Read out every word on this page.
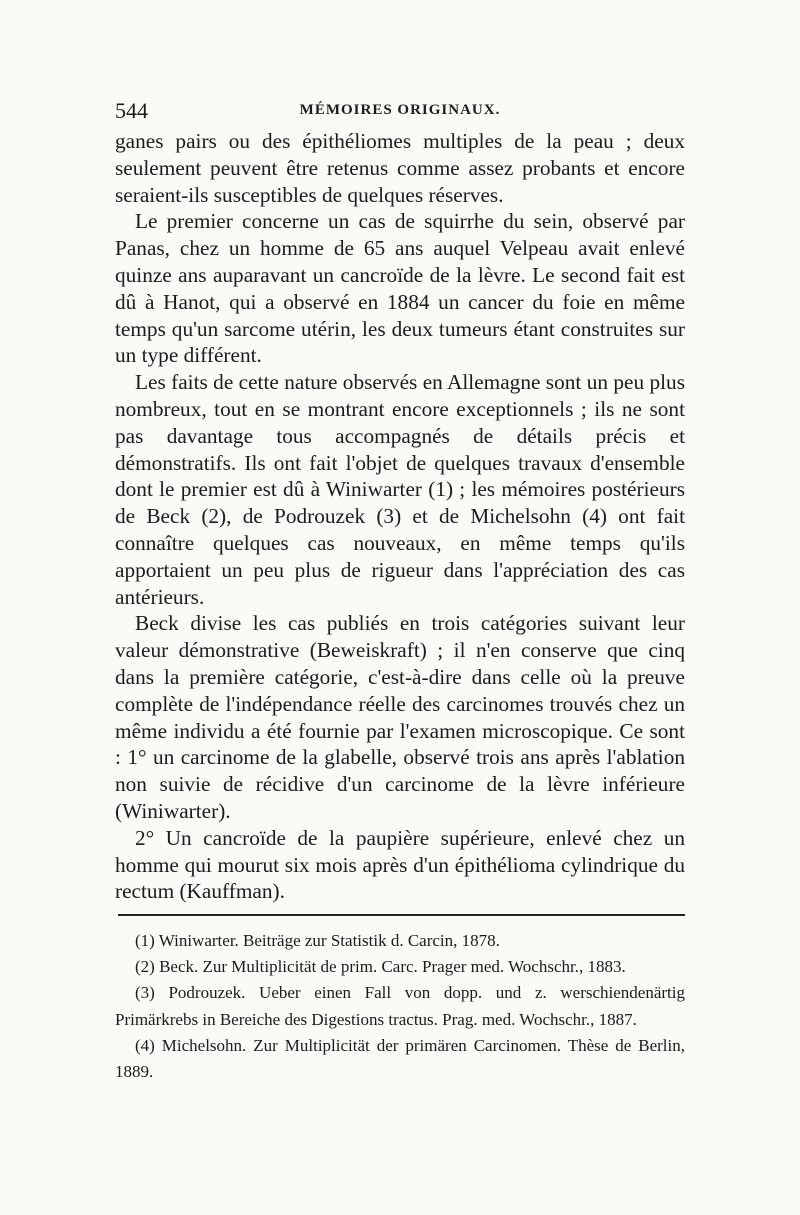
544	MÉMOIRES ORIGINAUX.

ganes pairs ou des épithéliomes multiples de la peau ; deux seulement peuvent être retenus comme assez probants et encore seraient-ils susceptibles de quelques réserves.

Le premier concerne un cas de squirrhe du sein, observé par Panas, chez un homme de 65 ans auquel Velpeau avait enlevé quinze ans auparavant un cancroïde de la lèvre. Le second fait est dû à Hanot, qui a observé en 1884 un cancer du foie en même temps qu'un sarcome utérin, les deux tumeurs étant construites sur un type différent.

Les faits de cette nature observés en Allemagne sont un peu plus nombreux, tout en se montrant encore exceptionnels ; ils ne sont pas davantage tous accompagnés de détails précis et démonstratifs. Ils ont fait l'objet de quelques travaux d'ensemble dont le premier est dû à Winiwarter (1) ; les mémoires postérieurs de Beck (2), de Podrouzek (3) et de Michelsohn (4) ont fait connaître quelques cas nouveaux, en même temps qu'ils apportaient un peu plus de rigueur dans l'appréciation des cas antérieurs.

Beck divise les cas publiés en trois catégories suivant leur valeur démonstrative (Beweiskraft) ; il n'en conserve que cinq dans la première catégorie, c'est-à-dire dans celle où la preuve complète de l'indépendance réelle des carcinomes trouvés chez un même individu a été fournie par l'examen microscopique. Ce sont : 1° un carcinome de la glabelle, observé trois ans après l'ablation non suivie de récidive d'un carcinome de la lèvre inférieure (Winiwarter).

2° Un cancroïde de la paupière supérieure, enlevé chez un homme qui mourut six mois après d'un épithélioma cylindrique du rectum (Kauffman).

(1) Winiwarter. Beiträge zur Statistik d. Carcin, 1878.

(2) Beck. Zur Multiplicität de prim. Carc. Prager med. Wochschr., 1883.

(3) Podrouzek. Ueber einen Fall von dopp. und z. werschiendenärtig Primärkrebs in Bereiche des Digestions tractus. Prag. med. Wochschr., 1887.

(4) Michelsohn. Zur Multiplicität der primären Carcinomen. Thèse de Berlin, 1889.
